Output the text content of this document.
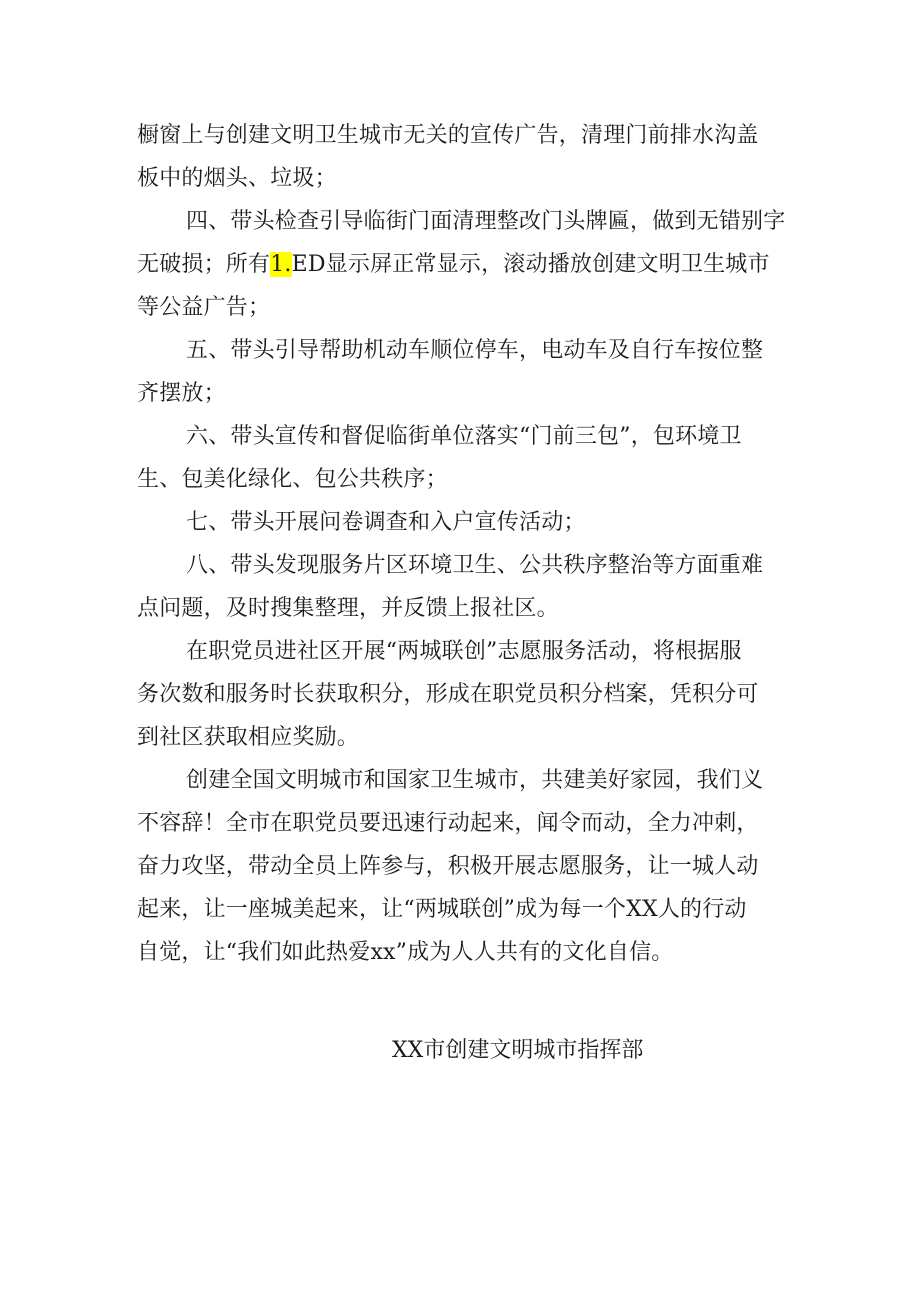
橱窗上与创建文明卫生城市无关的宣传广告，清理门前排水沟盖
板中的烟头、垃圾；
四、带头检查引导临街门面清理整改门头牌匾，做到无错别字
无破损；所有1.ED显示屏正常显示，滚动播放创建文明卫生城市
等公益广告；
五、带头引导帮助机动车顺位停车，电动车及自行车按位整
齐摆放；
六、带头宣传和督促临街单位落实“门前三包”，包环境卫
生、包美化绿化、包公共秩序；
七、带头开展问卷调查和入户宣传活动；
八、带头发现服务片区环境卫生、公共秩序整治等方面重难
点问题，及时搜集整理，并反馈上报社区。
在职党员进社区开展“两城联创”志愿服务活动，将根据服
务次数和服务时长获取积分，形成在职党员积分档案，凭积分可
到社区获取相应奖励。
创建全国文明城市和国家卫生城市，共建美好家园，我们义
不容辞！全市在职党员要迅速行动起来，闻令而动，全力冲刺，
奋力攻坚，带动全员上阵参与，积极开展志愿服务，让一城人动
起来，让一座城美起来，让“两城联创”成为每一个XX人的行动
自觉，让“我们如此热爱xx”成为人人共有的文化自信。
XX市创建文明城市指挥部
